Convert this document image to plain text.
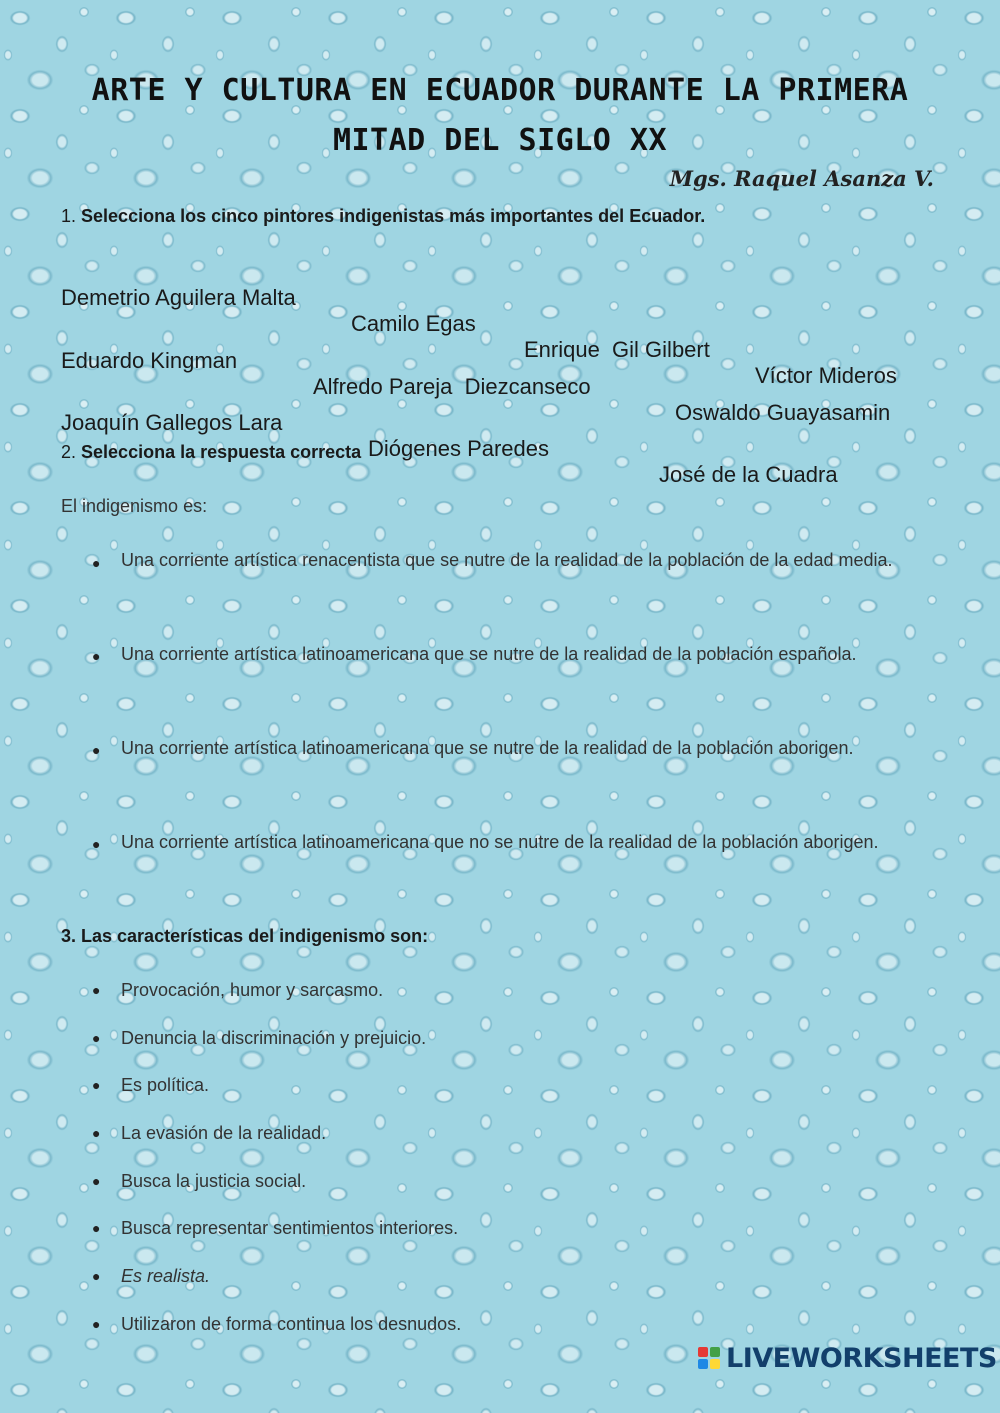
ARTE Y CULTURA EN ECUADOR DURANTE LA PRIMERA
MITAD DEL SIGLO XX
Mgs. Raquel Asanza V.

1. Selecciona los cinco pintores indigenistas más importantes del Ecuador.

Demetrio Aguilera Malta

Camilo Egas

Enrique  Gil Gilbert

Víctor Mideros

Eduardo Kingman

Alfredo Pareja  Diezcanseco

Oswaldo Guayasamin

Joaquín Gallegos Lara

Diógenes Paredes

José de la Cuadra

2. Selecciona la respuesta correcta

El indigenismo es:

● Una corriente artística renacentista que se nutre de la realidad de la población de la edad media.

● Una corriente artística latinoamericana que se nutre de la realidad de la población española.

● Una corriente artística latinoamericana que se nutre de la realidad de la población aborigen.

● Una corriente artística latinoamericana que no se nutre de la realidad de la población aborigen.

3. Las características del indigenismo son:

● Provocación, humor y sarcasmo.

● Denuncia la discriminación y prejuicio.

● Es política.

● La evasión de la realidad.

● Busca la justicia social.

● Busca representar sentimientos interiores.

● Es realista.

● Utilizaron de forma continua los desnudos.

LIVEWORKSHEETS
